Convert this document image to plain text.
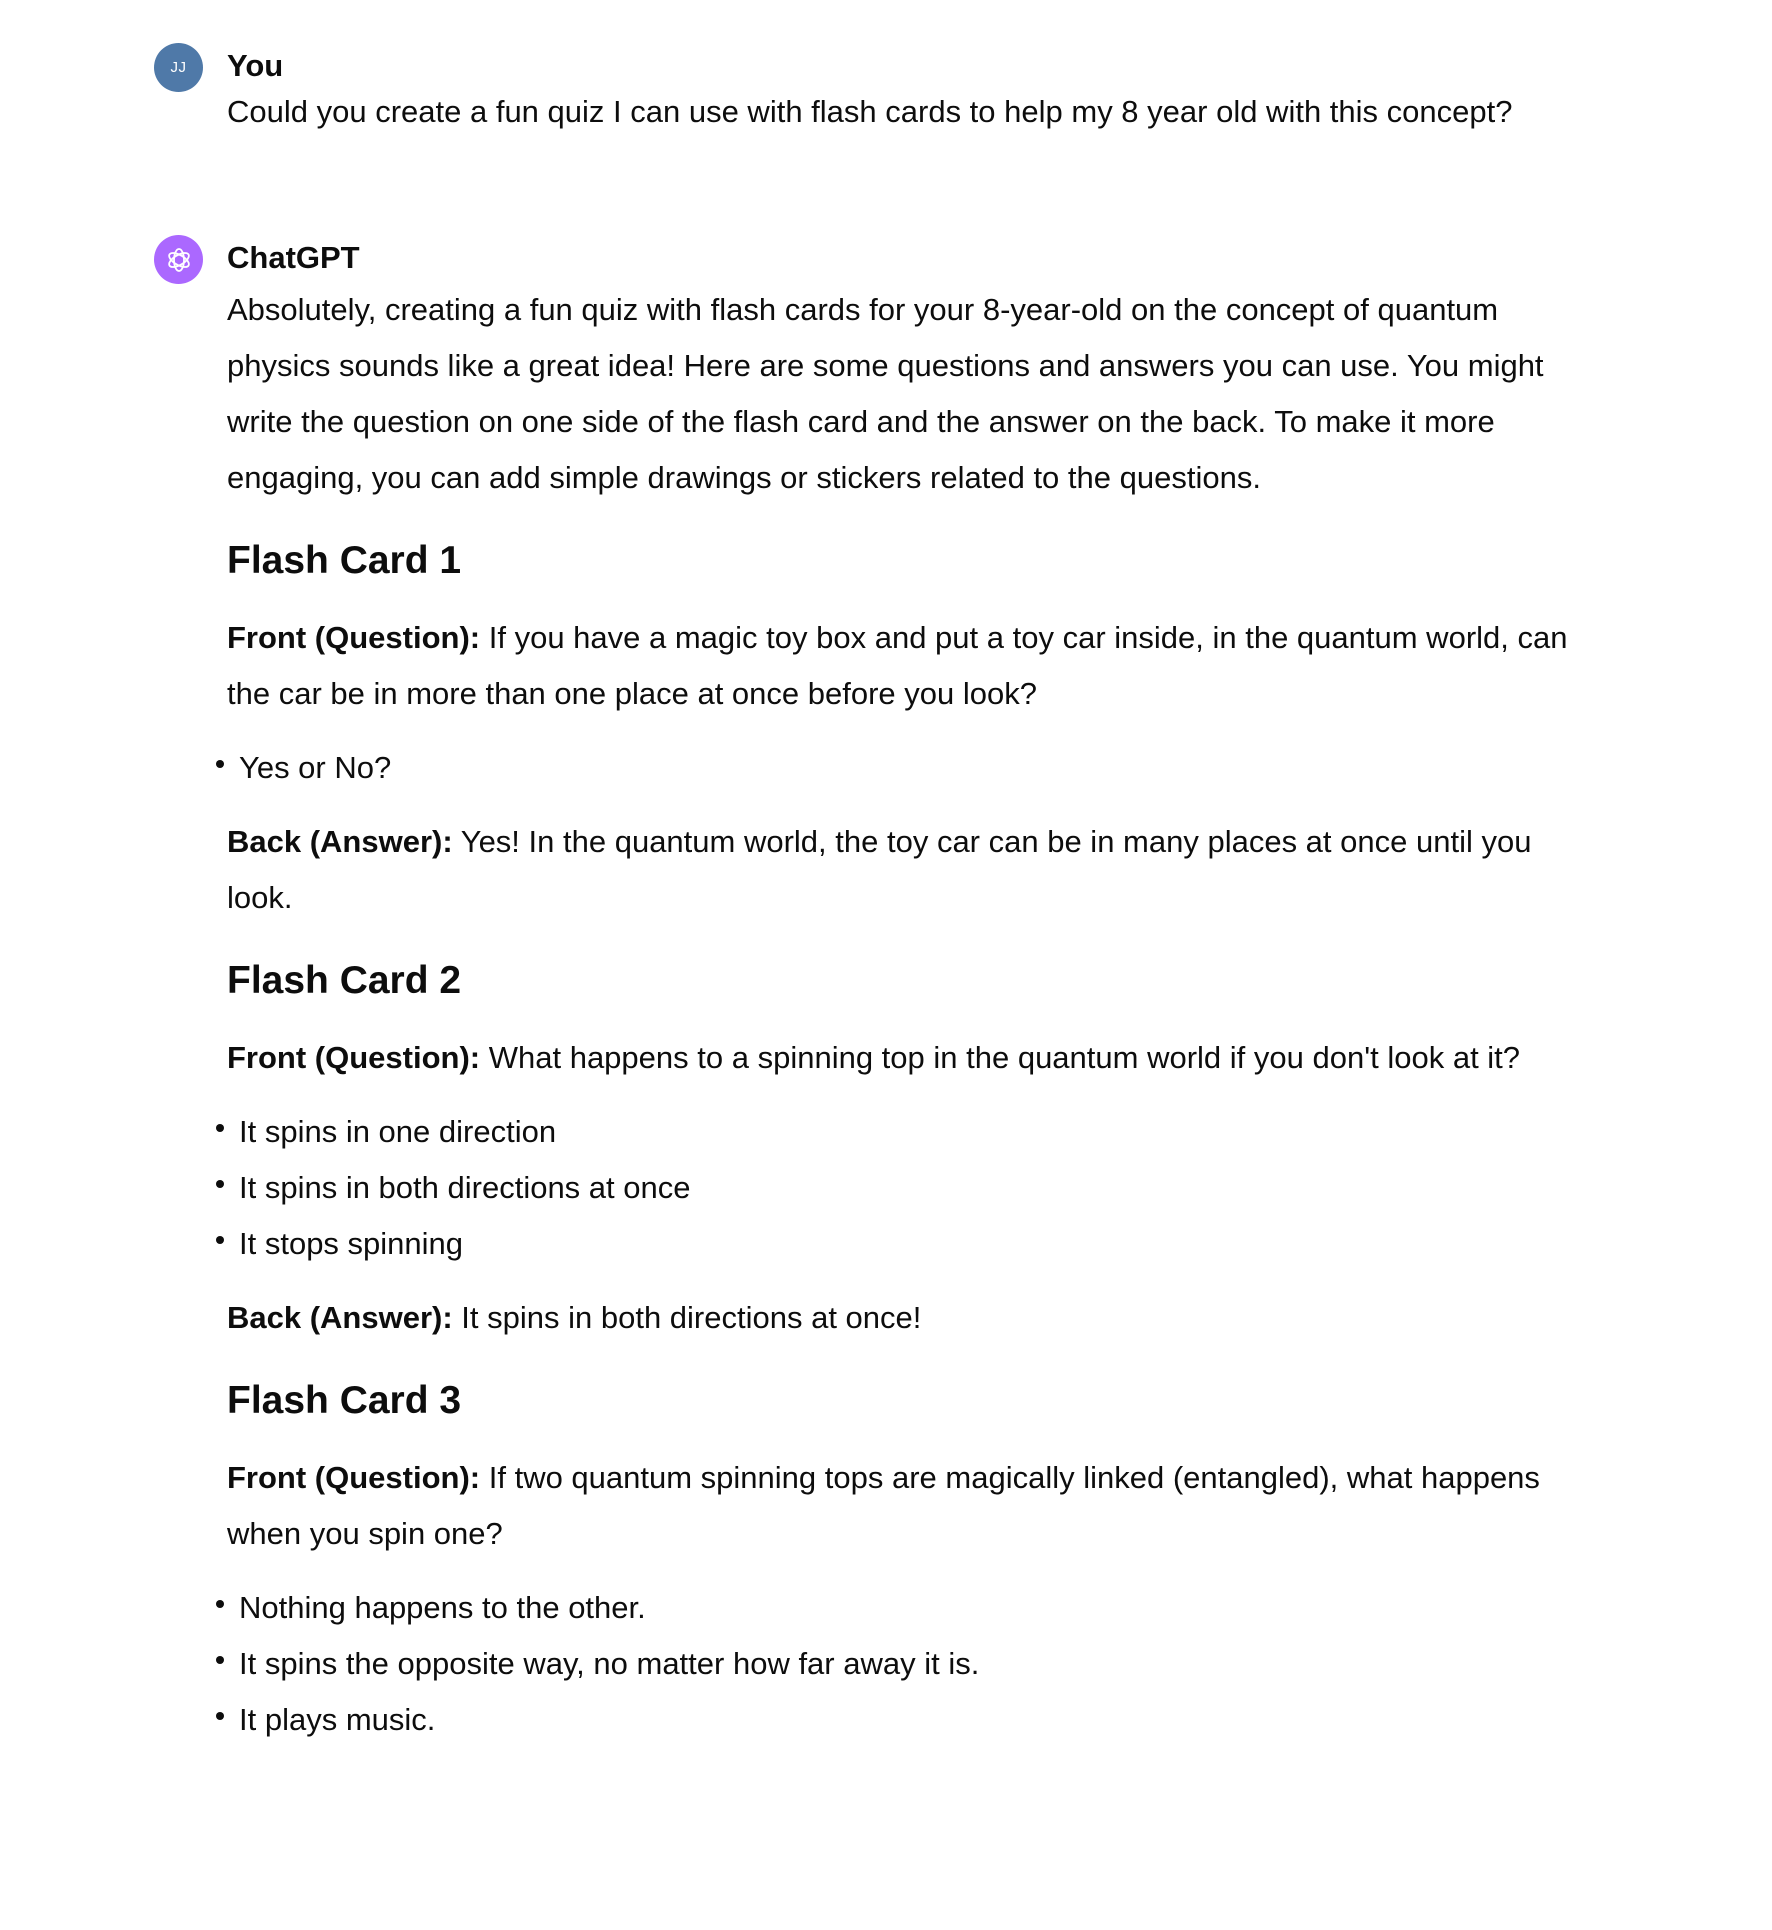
JJ You

Could you create a fun quiz I can use with flash cards to help my 8 year old with this concept?

ChatGPT

Absolutely, creating a fun quiz with flash cards for your 8-year-old on the concept of quantum physics sounds like a great idea! Here are some questions and answers you can use. You might write the question on one side of the flash card and the answer on the back. To make it more engaging, you can add simple drawings or stickers related to the questions.

Flash Card 1

Front (Question): If you have a magic toy box and put a toy car inside, in the quantum world, can the car be in more than one place at once before you look?

Yes or No?

Back (Answer): Yes! In the quantum world, the toy car can be in many places at once until you look.

Flash Card 2

Front (Question): What happens to a spinning top in the quantum world if you don't look at it?

It spins in one direction
It spins in both directions at once
It stops spinning

Back (Answer): It spins in both directions at once!

Flash Card 3

Front (Question): If two quantum spinning tops are magically linked (entangled), what happens when you spin one?

Nothing happens to the other.
It spins the opposite way, no matter how far away it is.
It plays music.
